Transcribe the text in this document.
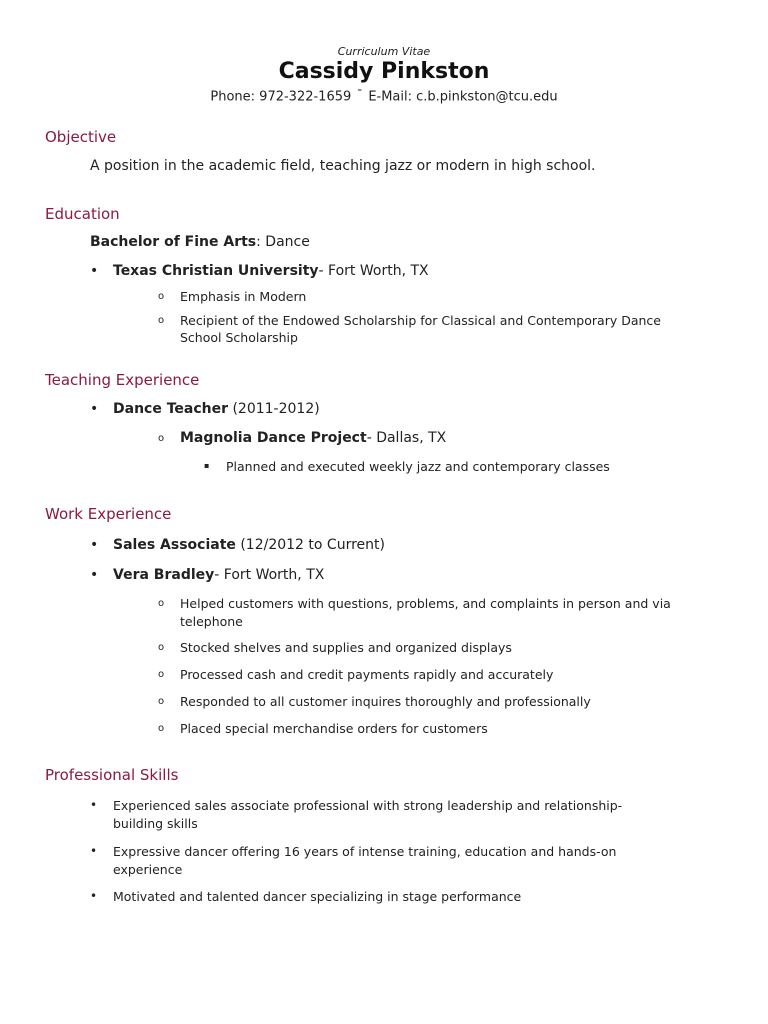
Curriculum Vitae
Cassidy Pinkston
Phone: 972-322-1659 ⁼ E-Mail: c.b.pinkston@tcu.edu
Objective
A position in the academic field, teaching jazz or modern in high school.
Education
Bachelor of Fine Arts: Dance
• Texas Christian University- Fort Worth, TX
o Emphasis in Modern
o Recipient of the Endowed Scholarship for Classical and Contemporary Dance
School Scholarship
Teaching Experience
• Dance Teacher (2011-2012)
o Magnolia Dance Project- Dallas, TX
▪ Planned and executed weekly jazz and contemporary classes
Work Experience
• Sales Associate (12/2012 to Current)
• Vera Bradley- Fort Worth, TX
o Helped customers with questions, problems, and complaints in person and via
telephone
o Stocked shelves and supplies and organized displays
o Processed cash and credit payments rapidly and accurately
o Responded to all customer inquires thoroughly and professionally
o Placed special merchandise orders for customers
Professional Skills
• Experienced sales associate professional with strong leadership and relationship-
building skills
• Expressive dancer offering 16 years of intense training, education and hands-on
experience
• Motivated and talented dancer specializing in stage performance
